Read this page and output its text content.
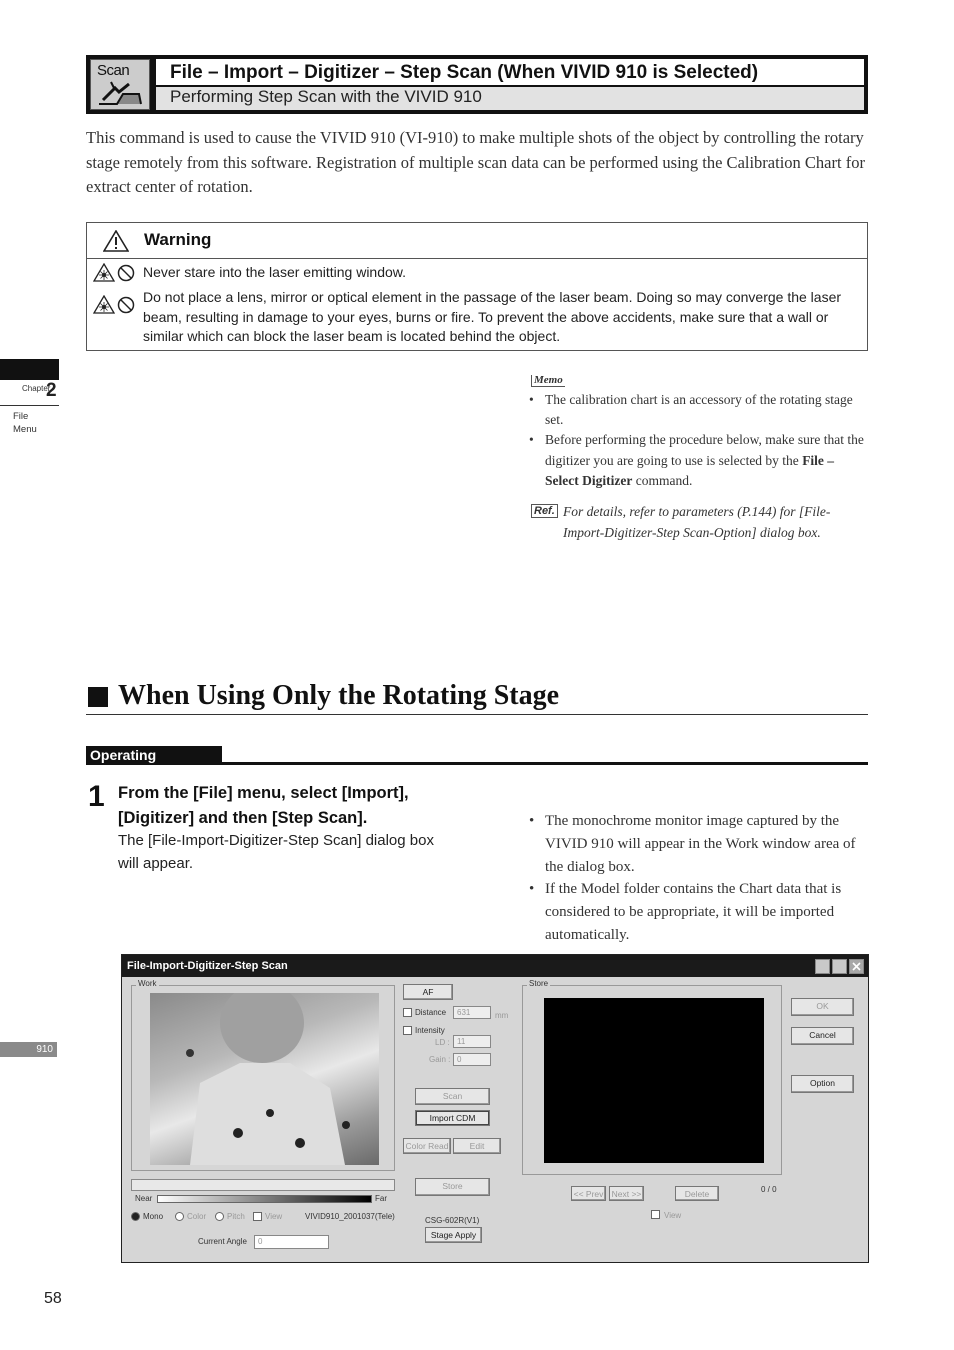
Scan	File – Import – Digitizer – Step Scan (When VIVID 910 is Selected)
Performing Step Scan with the VIVID 910

This command is used to cause the VIVID 910 (VI-910) to make multiple shots of the object by controlling the rotary stage remotely from this software. Registration of multiple scan data can be performed using the Calibration Chart for extract center of rotation.

Warning
Never stare into the laser emitting window.
Do not place a lens, mirror or optical element in the passage of the laser beam. Doing so may converge the laser beam, resulting in damage to your eyes, burns or fire. To prevent the above accidents, make sure that a wall or similar which can block the laser beam is located behind the object.
Chapter
2
File
Menu
Memo
• The calibration chart is an accessory of the rotating stage set.
• Before performing the procedure below, make sure that the digitizer you are going to use is selected by the File – Select Digitizer command.
Ref. For details, refer to parameters (P.144) for [File-Import-Digitizer-Step Scan-Option] dialog box.
When Using Only the Rotating Stage
Operating Procedure
1 From the [File] menu, select [Import], [Digitizer] and then [Step Scan].
The [File-Import-Digitizer-Step Scan] dialog box will appear.
• The monochrome monitor image captured by the VIVID 910 will appear in the Work window area of the dialog box.
• If the Model folder contains the Chart data that is considered to be appropriate, it will be imported automatically.
910
58
File-Import-Digitizer-Step Scan
Work
Near	Far
Mono	Color	Pitch	View	VIVID910_2001037(Tele)
Current Angle	0
AF
Distance	631	mm
Intensity
LD : 11
Gain : 0
Scan
Import CDM
Color Read	Edit
Store
CSG-602R(V1)
Stage Apply
Store
<< Prev Next >>	Delete	0 / 0
View
OK
Cancel
Option
